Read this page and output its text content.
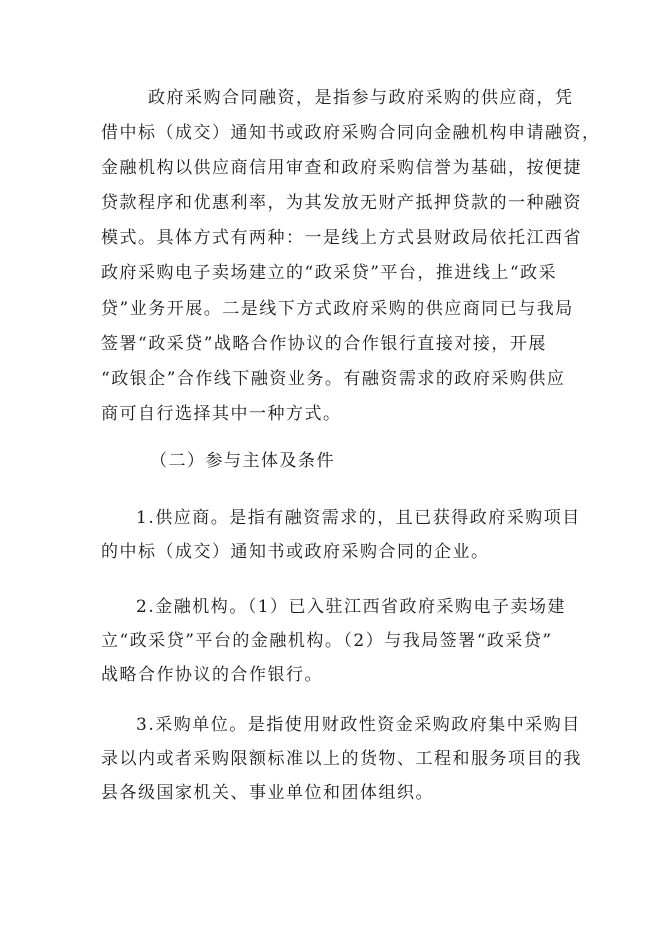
政府采购合同融资，是指参与政府采购的供应商，凭
借中标（成交）通知书或政府采购合同向金融机构申请融资，
金融机构以供应商信用审查和政府采购信誉为基础，按便捷
贷款程序和优惠利率，为其发放无财产抵押贷款的一种融资
模式。具体方式有两种：一是线上方式县财政局依托江西省
政府采购电子卖场建立的“政采贷”平台，推进线上“政采
贷”业务开展。二是线下方式政府采购的供应商同已与我局
签署“政采贷”战略合作协议的合作银行直接对接，开展
“政银企”合作线下融资业务。有融资需求的政府采购供应
商可自行选择其中一种方式。
（二）参与主体及条件
1.供应商。是指有融资需求的，且已获得政府采购项目
的中标（成交）通知书或政府采购合同的企业。
2.金融机构。（1）已入驻江西省政府采购电子卖场建
立“政采贷”平台的金融机构。（2）与我局签署“政采贷”
战略合作协议的合作银行。
3.采购单位。是指使用财政性资金采购政府集中采购目
录以内或者采购限额标准以上的货物、工程和服务项目的我
县各级国家机关、事业单位和团体组织。
